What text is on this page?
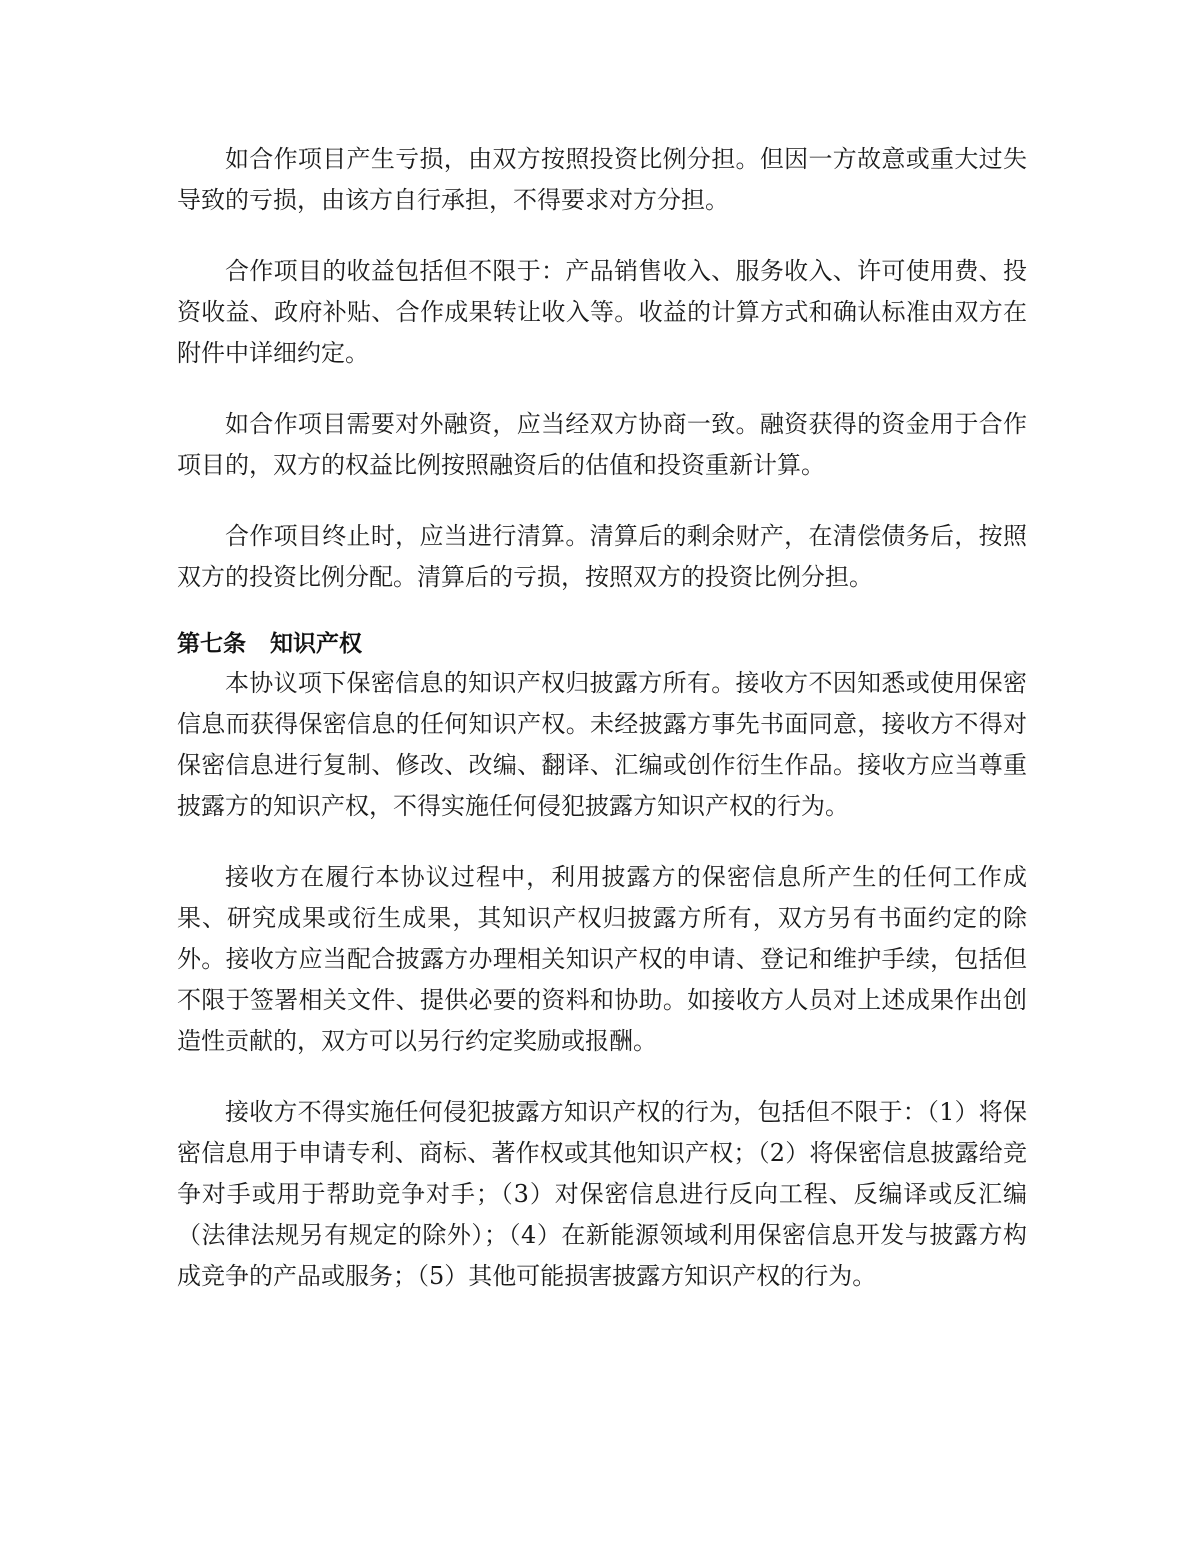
如合作项目产生亏损，由双方按照投资比例分担。但因一方故意或重大过失导致的亏损，由该方自行承担，不得要求对方分担。

合作项目的收益包括但不限于：产品销售收入、服务收入、许可使用费、投资收益、政府补贴、合作成果转让收入等。收益的计算方式和确认标准由双方在附件中详细约定。

如合作项目需要对外融资，应当经双方协商一致。融资获得的资金用于合作项目的，双方的权益比例按照融资后的估值和投资重新计算。

合作项目终止时，应当进行清算。清算后的剩余财产，在清偿债务后，按照双方的投资比例分配。清算后的亏损，按照双方的投资比例分担。

第七条 知识产权

本协议项下保密信息的知识产权归披露方所有。接收方不因知悉或使用保密信息而获得保密信息的任何知识产权。未经披露方事先书面同意，接收方不得对保密信息进行复制、修改、改编、翻译、汇编或创作衍生作品。接收方应当尊重披露方的知识产权，不得实施任何侵犯披露方知识产权的行为。

接收方在履行本协议过程中，利用披露方的保密信息所产生的任何工作成果、研究成果或衍生成果，其知识产权归披露方所有，双方另有书面约定的除外。接收方应当配合披露方办理相关知识产权的申请、登记和维护手续，包括但不限于签署相关文件、提供必要的资料和协助。如接收方人员对上述成果作出创造性贡献的，双方可以另行约定奖励或报酬。

接收方不得实施任何侵犯披露方知识产权的行为，包括但不限于：（1）将保密信息用于申请专利、商标、著作权或其他知识产权；（2）将保密信息披露给竞争对手或用于帮助竞争对手；（3）对保密信息进行反向工程、反编译或反汇编（法律法规另有规定的除外）；（4）在新能源领域利用保密信息开发与披露方构成竞争的产品或服务；（5）其他可能损害披露方知识产权的行为。
